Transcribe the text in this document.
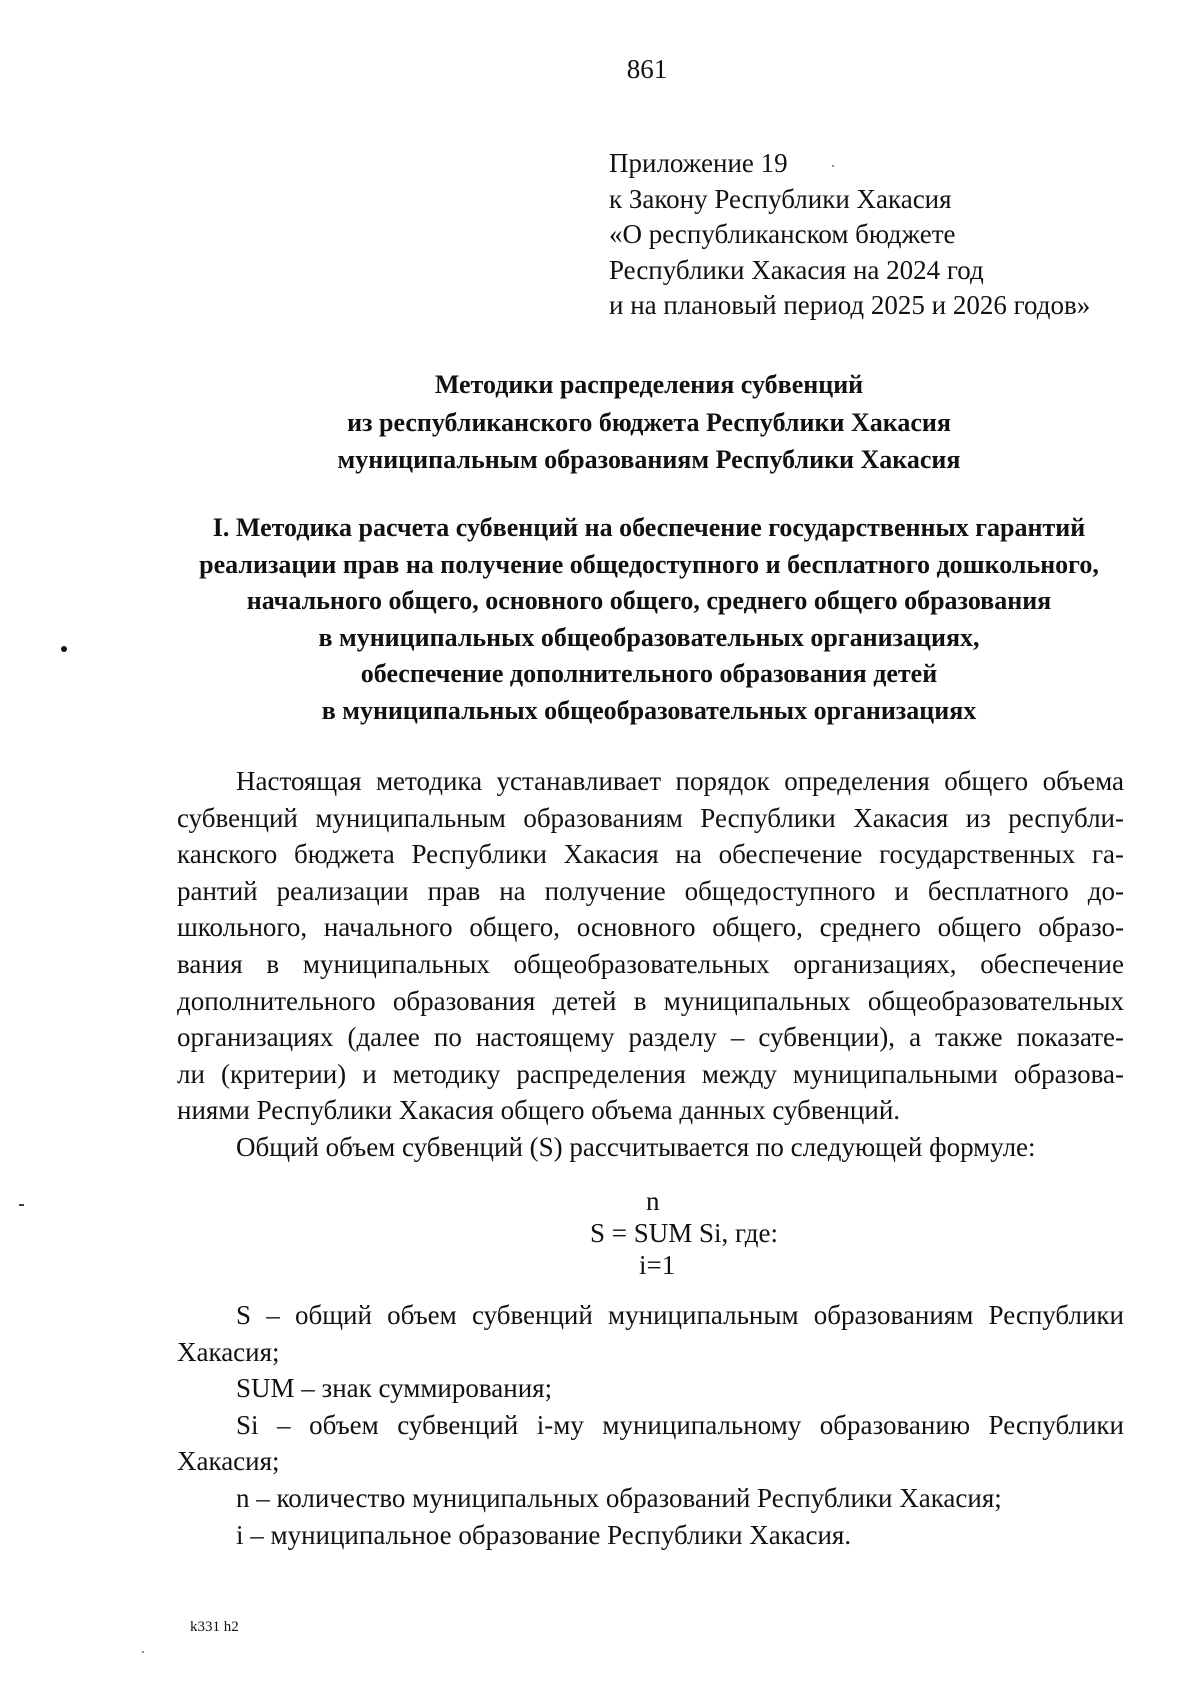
861
Приложение 19
к Закону Республики Хакасия
«О республиканском бюджете
Республики Хакасия на 2024 год
и на плановый период 2025 и 2026 годов»
Методики распределения субвенций
из республиканского бюджета Республики Хакасия
муниципальным образованиям Республики Хакасия
I. Методика расчета субвенций на обеспечение государственных гарантий
реализации прав на получение общедоступного и бесплатного дошкольного,
начального общего, основного общего, среднего общего образования
в муниципальных общеобразовательных организациях,
обеспечение дополнительного образования детей
в муниципальных общеобразовательных организациях
Настоящая методика устанавливает порядок определения общего объема
субвенций муниципальным образованиям Республики Хакасия из республи-
канского бюджета Республики Хакасия на обеспечение государственных га-
рантий реализации прав на получение общедоступного и бесплатного до-
школьного, начального общего, основного общего, среднего общего образо-
вания в муниципальных общеобразовательных организациях, обеспечение
дополнительного образования детей в муниципальных общеобразовательных
организациях (далее по настоящему разделу – субвенции), а также показате-
ли (критерии) и методику распределения между муниципальными образова-
ниями Республики Хакасия общего объема данных субвенций.
Общий объем субвенций (S) рассчитывается по следующей формуле:
n
S = SUM Si, где:
i=1
S – общий объем субвенций муниципальным образованиям Республики
Хакасия;
SUM – знак суммирования;
Si – объем субвенций i-му муниципальному образованию Республики
Хакасия;
n – количество муниципальных образований Республики Хакасия;
i – муниципальное образование Республики Хакасия.
k331 h2
